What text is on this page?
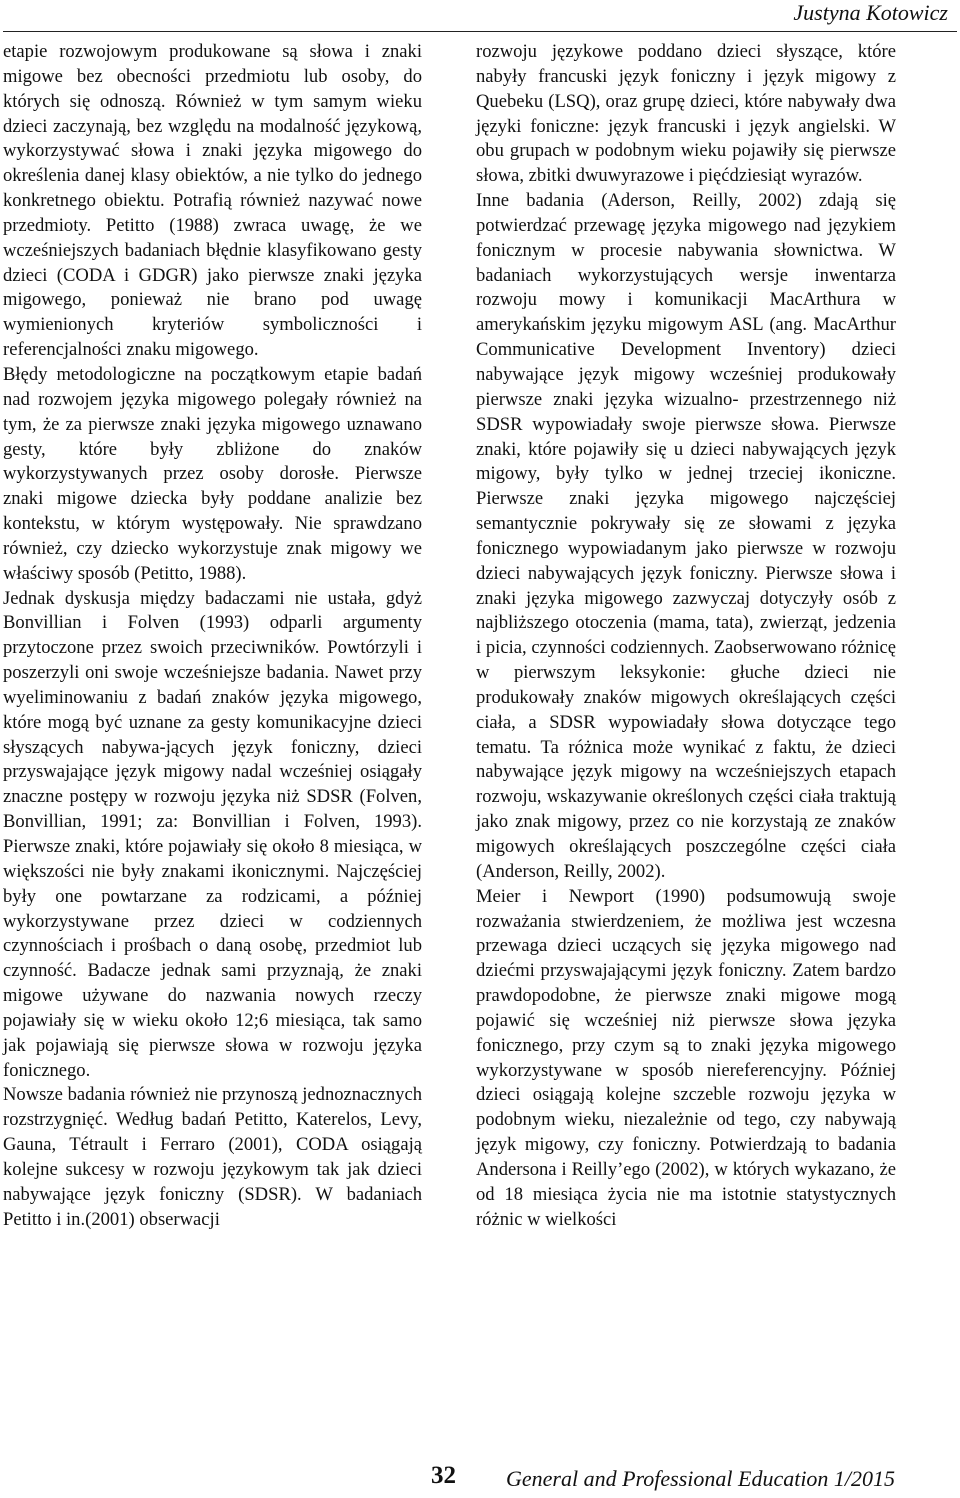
Justyna Kotowicz

etapie rozwojowym produkowane są słowa i znaki migowe bez obecności przedmiotu lub osoby, do których się odnoszą. Również w tym samym wieku dzieci zaczynają, bez względu na modalność językową, wykorzystywać słowa i znaki języka migowego do określenia danej klasy obiektów, a nie tylko do jednego konkretnego obiektu. Potrafią również nazywać nowe przedmioty. Petitto (1988) zwraca uwagę, że we wcześniejszych badaniach błędnie klasyfikowano gesty dzieci (CODA i GDGR) jako pierwsze znaki języka migowego, ponieważ nie brano pod uwagę wymienionych kryteriów symboliczności i referencjalności znaku migowego.

Błędy metodologiczne na początkowym etapie badań nad rozwojem języka migowego polegały również na tym, że za pierwsze znaki języka migowego uznawano gesty, które były zbliżone do znaków wykorzystywanych przez osoby dorosłe. Pierwsze znaki migowe dziecka były poddane analizie bez kontekstu, w którym występowały. Nie sprawdzano również, czy dziecko wykorzystuje znak migowy we właściwy sposób (Petitto, 1988).

Jednak dyskusja między badaczami nie ustała, gdyż Bonvillian i Folven (1993) odparli argumenty przytoczone przez swoich przeciwników. Powtórzyli i poszerzyli oni swoje wcześniejsze badania. Nawet przy wyeliminowaniu z badań znaków języka migowego, które mogą być uznane za gesty komunikacyjne dzieci słyszących nabywa-jących język foniczny, dzieci przyswajające język migowy nadal wcześniej osiągały znaczne postępy w rozwoju języka niż SDSR (Folven, Bonvillian, 1991; za: Bonvillian i Folven, 1993). Pierwsze znaki, które pojawiały się około 8 miesiąca, w większości nie były znakami ikonicznymi. Najczęściej były one powtarzane za rodzicami, a później wykorzystywane przez dzieci w codziennych czynnościach i prośbach o daną osobę, przedmiot lub czynność. Badacze jednak sami przyznają, że znaki migowe używane do nazwania nowych rzeczy pojawiały się w wieku około 12;6 miesiąca, tak samo jak pojawiają się pierwsze słowa w rozwoju języka fonicznego.

Nowsze badania również nie przynoszą jednoznacznych rozstrzygnięć. Według badań Petitto, Katerelos, Levy, Gauna, Tétrault i Ferraro (2001), CODA osiągają kolejne sukcesy w rozwoju językowym tak jak dzieci nabywające język foniczny (SDSR). W badaniach Petitto i in.(2001) obserwacji

rozwoju językowe poddano dzieci słyszące, które nabyły francuski język foniczny i język migowy z Quebeku (LSQ), oraz grupę dzieci, które nabywały dwa języki foniczne: język francuski i język angielski. W obu grupach w podobnym wieku pojawiły się pierwsze słowa, zbitki dwuwyrazowe i pięćdziesiąt wyrazów.

Inne badania (Aderson, Reilly, 2002) zdają się potwierdzać przewagę języka migowego nad językiem fonicznym w procesie nabywania słownictwa. W badaniach wykorzystujących wersje inwentarza rozwoju mowy i komunikacji MacArthura w amerykańskim języku migowym ASL (ang. MacArthur Communicative Development Inventory) dzieci nabywające język migowy wcześniej produkowały pierwsze znaki języka wizualno- przestrzennego niż SDSR wypowiadały swoje pierwsze słowa. Pierwsze znaki, które pojawiły się u dzieci nabywających język migowy, były tylko w jednej trzeciej ikoniczne. Pierwsze znaki języka migowego najczęściej semantycznie pokrywały się ze słowami z języka fonicznego wypowiadanym jako pierwsze w rozwoju dzieci nabywających język foniczny. Pierwsze słowa i znaki języka migowego zazwyczaj dotyczyły osób z najbliższego otoczenia (mama, tata), zwierząt, jedzenia i picia, czynności codziennych. Zaobserwowano różnicę w pierwszym leksykonie: głuche dzieci nie produkowały znaków migowych określających części ciała, a SDSR wypowiadały słowa dotyczące tego tematu. Ta różnica może wynikać z faktu, że dzieci nabywające język migowy na wcześniejszych etapach rozwoju, wskazywanie określonych części ciała traktują jako znak migowy, przez co nie korzystają ze znaków migowych określających poszczególne części ciała (Anderson, Reilly, 2002).

Meier i Newport (1990) podsumowują swoje rozważania stwierdzeniem, że możliwa jest wczesna przewaga dzieci uczących się języka migowego nad dziećmi przyswajającymi język foniczny. Zatem bardzo prawdopodobne, że pierwsze znaki migowe mogą pojawić się wcześniej niż pierwsze słowa języka fonicznego, przy czym są to znaki języka migowego wykorzystywane w sposób niereferencyjny. Później dzieci osiągają kolejne szczeble rozwoju języka w podobnym wieku, niezależnie od tego, czy nabywają język migowy, czy foniczny. Potwierdzają to badania Andersona i Reilly’ego (2002), w których wykazano, że od 18 miesiąca życia nie ma istotnie statystycznych różnic w wielkości

32 General and Professional Education 1/2015
